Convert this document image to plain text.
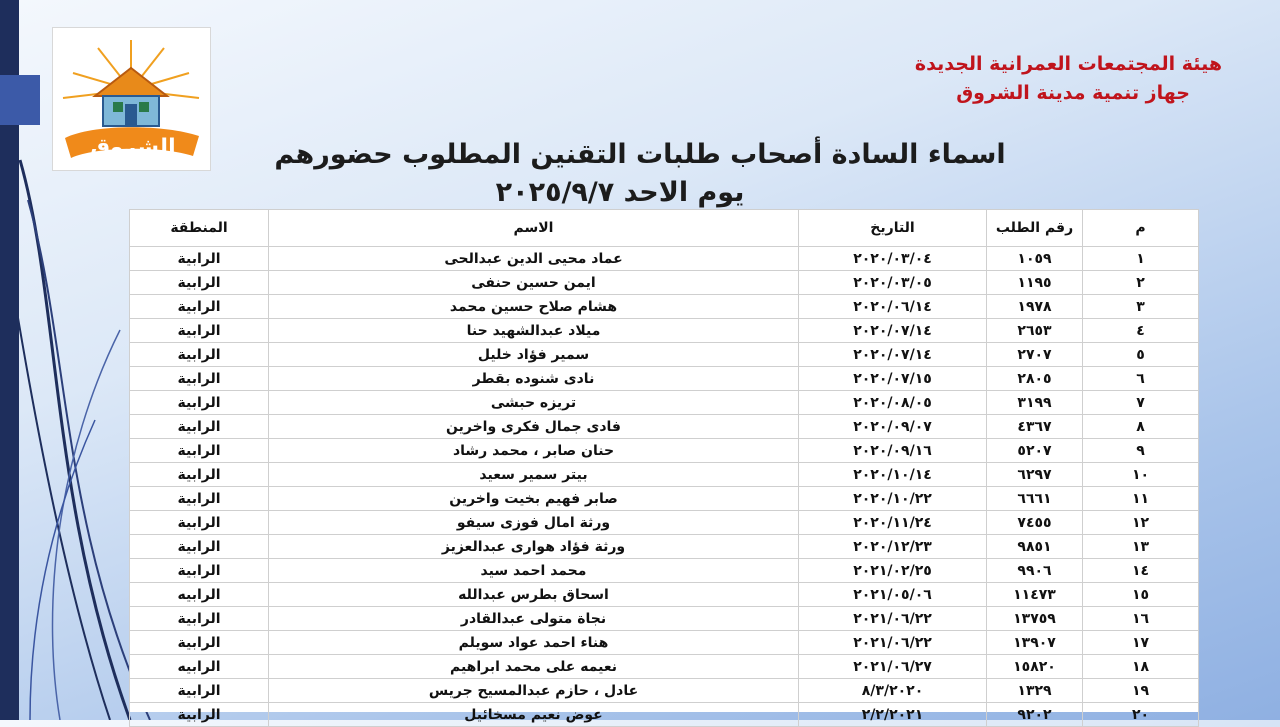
الشروق
هيئة المجتمعات العمرانية الجديدة
جهاز تنمية مدينة الشروق
اسماء السادة أصحاب طلبات التقنين المطلوب حضورهم
يوم الاحد ٢٠٢٥/٩/٧
م	رقم الطلب	التاريخ	الاسم	المنطقة
١	١٠٥٩	٢٠٢٠/٠٣/٠٤	عماد محيى الدين عبدالحى	الرابية
٢	١١٩٥	٢٠٢٠/٠٣/٠٥	ايمن حسين حنفى	الرابية
٣	١٩٧٨	٢٠٢٠/٠٦/١٤	هشام صلاح حسين محمد	الرابية
٤	٢٦٥٣	٢٠٢٠/٠٧/١٤	ميلاد عبدالشهيد حنا	الرابية
٥	٢٧٠٧	٢٠٢٠/٠٧/١٤	سمير فؤاد خليل	الرابية
٦	٢٨٠٥	٢٠٢٠/٠٧/١٥	نادى شنوده بقطر	الرابية
٧	٣١٩٩	٢٠٢٠/٠٨/٠٥	تريزه حبشى	الرابية
٨	٤٣٦٧	٢٠٢٠/٠٩/٠٧	فادى جمال فكرى واخرين	الرابية
٩	٥٢٠٧	٢٠٢٠/٠٩/١٦	حنان صابر ، محمد رشاد	الرابية
١٠	٦٢٩٧	٢٠٢٠/١٠/١٤	بيتر سمير سعيد	الرابية
١١	٦٦٦١	٢٠٢٠/١٠/٢٢	صابر فهيم بخيت واخرين	الرابية
١٢	٧٤٥٥	٢٠٢٠/١١/٢٤	ورثة امال فوزى سيفو	الرابية
١٣	٩٨٥١	٢٠٢٠/١٢/٢٣	ورثة فؤاد هوارى عبدالعزيز	الرابية
١٤	٩٩٠٦	٢٠٢١/٠٢/٢٥	محمد احمد سيد	الرابية
١٥	١١٤٧٣	٢٠٢١/٠٥/٠٦	اسحاق بطرس عبدالله	الرابيه
١٦	١٣٧٥٩	٢٠٢١/٠٦/٢٢	نجاة متولى عبدالقادر	الرابية
١٧	١٣٩٠٧	٢٠٢١/٠٦/٢٢	هناء احمد عواد سويلم	الرابية
١٨	١٥٨٢٠	٢٠٢١/٠٦/٢٧	نعيمه على محمد ابراهيم	الرابيه
١٩	١٣٢٩	٨/٣/٢٠٢٠	عادل ، حازم عبدالمسيح جريس	الرابية
٢٠	٩٢٠٢	٢/٢/٢٠٢١	عوض نعيم مسخائيل	الرابية
